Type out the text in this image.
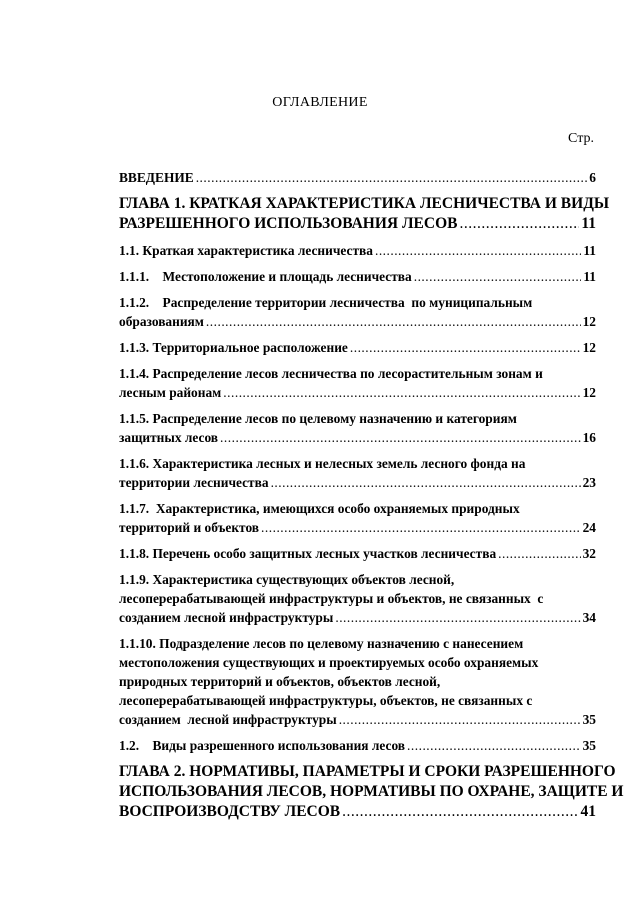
ОГЛАВЛЕНИЕ
Стр.
ВВЕДЕНИЕ .....	6
ГЛАВА 1. КРАТКАЯ ХАРАКТЕРИСТИКА ЛЕСНИЧЕСТВА И ВИДЫ
РАЗРЕШЕННОГО ИСПОЛЬЗОВАНИЯ ЛЕСОВ .....	11
1.1. Краткая характеристика лесничества .....	11
1.1.1.    Местоположение и площадь лесничества .....	11
1.1.2.    Распределение территории лесничества  по муниципальным
образованиям .....	12
1.1.3. Территориальное расположение .....	12
1.1.4. Распределение лесов лесничества по лесорастительным зонам и
лесным районам .....	12
1.1.5. Распределение лесов по целевому назначению и категориям
защитных лесов .....	16
1.1.6. Характеристика лесных и нелесных земель лесного фонда на
территории лесничества .....	23
1.1.7.  Характеристика, имеющихся особо охраняемых природных
территорий и объектов .....	24
1.1.8. Перечень особо защитных лесных участков лесничества .....	32
1.1.9. Характеристика существующих объектов лесной,
лесоперерабатывающей инфраструктуры и объектов, не связанных  с
созданием лесной инфраструктуры .....	34
1.1.10. Подразделение лесов по целевому назначению с нанесением
местоположения существующих и проектируемых особо охраняемых
природных территорий и объектов, объектов лесной,
лесоперерабатывающей инфраструктуры, объектов, не связанных с
созданием  лесной инфраструктуры .....	35
1.2.    Виды разрешенного использования лесов .....	35
ГЛАВА 2. НОРМАТИВЫ, ПАРАМЕТРЫ И СРОКИ РАЗРЕШЕННОГО
ИСПОЛЬЗОВАНИЯ ЛЕСОВ, НОРМАТИВЫ ПО ОХРАНЕ, ЗАЩИТЕ И
ВОСПРОИЗВОДСТВУ ЛЕСОВ .....	41
